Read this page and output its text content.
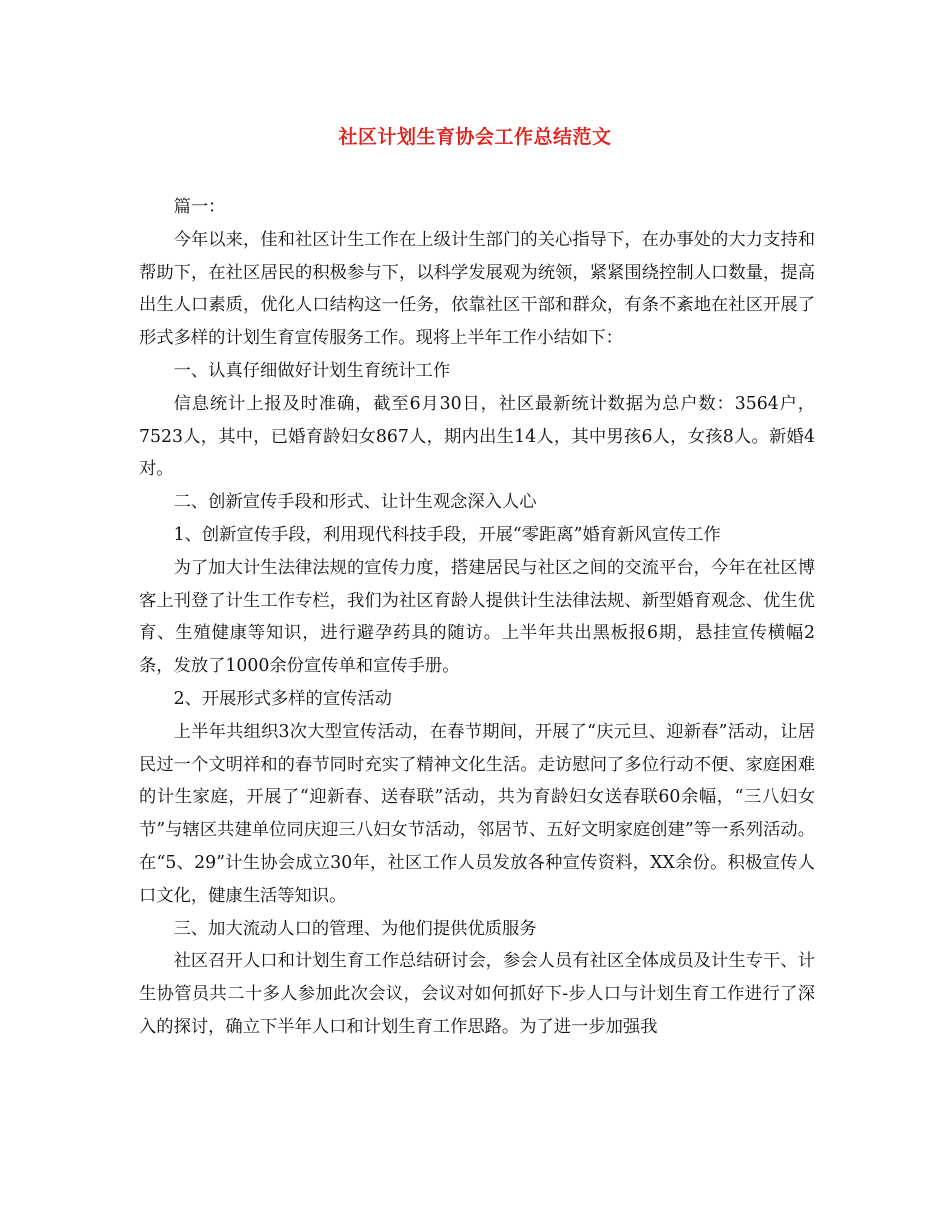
社区计划生育协会工作总结范文

篇一：

今年以来，佳和社区计生工作在上级计生部门的关心指导下，在办事处的大力支持和帮助下，在社区居民的积极参与下，以科学发展观为统领，紧紧围绕控制人口数量，提高出生人口素质，优化人口结构这一任务，依靠社区干部和群众，有条不紊地在社区开展了形式多样的计划生育宣传服务工作。现将上半年工作小结如下：

一、认真仔细做好计划生育统计工作

信息统计上报及时准确，截至6月30日，社区最新统计数据为总户数：3564户，7523人，其中，已婚育龄妇女867人，期内出生14人，其中男孩6人，女孩8人。新婚4对。

二、创新宣传手段和形式、让计生观念深入人心

1、创新宣传手段，利用现代科技手段，开展“零距离”婚育新风宣传工作

为了加大计生法律法规的宣传力度，搭建居民与社区之间的交流平台，今年在社区博客上刊登了计生工作专栏，我们为社区育龄人提供计生法律法规、新型婚育观念、优生优育、生殖健康等知识，进行避孕药具的随访。上半年共出黑板报6期，悬挂宣传横幅2条，发放了1000余份宣传单和宣传手册。

2、开展形式多样的宣传活动

上半年共组织3次大型宣传活动，在春节期间，开展了“庆元旦、迎新春”活动，让居民过一个文明祥和的春节同时充实了精神文化生活。走访慰问了多位行动不便、家庭困难的计生家庭，开展了“迎新春、送春联”活动，共为育龄妇女送春联60余幅，“三八妇女节”与辖区共建单位同庆迎三八妇女节活动，邻居节、五好文明家庭创建”等一系列活动。在“5、29”计生协会成立30年，社区工作人员发放各种宣传资料，XX余份。积极宣传人口文化，健康生活等知识。

三、加大流动人口的管理、为他们提供优质服务

社区召开人口和计划生育工作总结研讨会，参会人员有社区全体成员及计生专干、计生协管员共二十多人参加此次会议，会议对如何抓好下-步人口与计划生育工作进行了深入的探讨，确立下半年人口和计划生育工作思路。为了进一步加强我
